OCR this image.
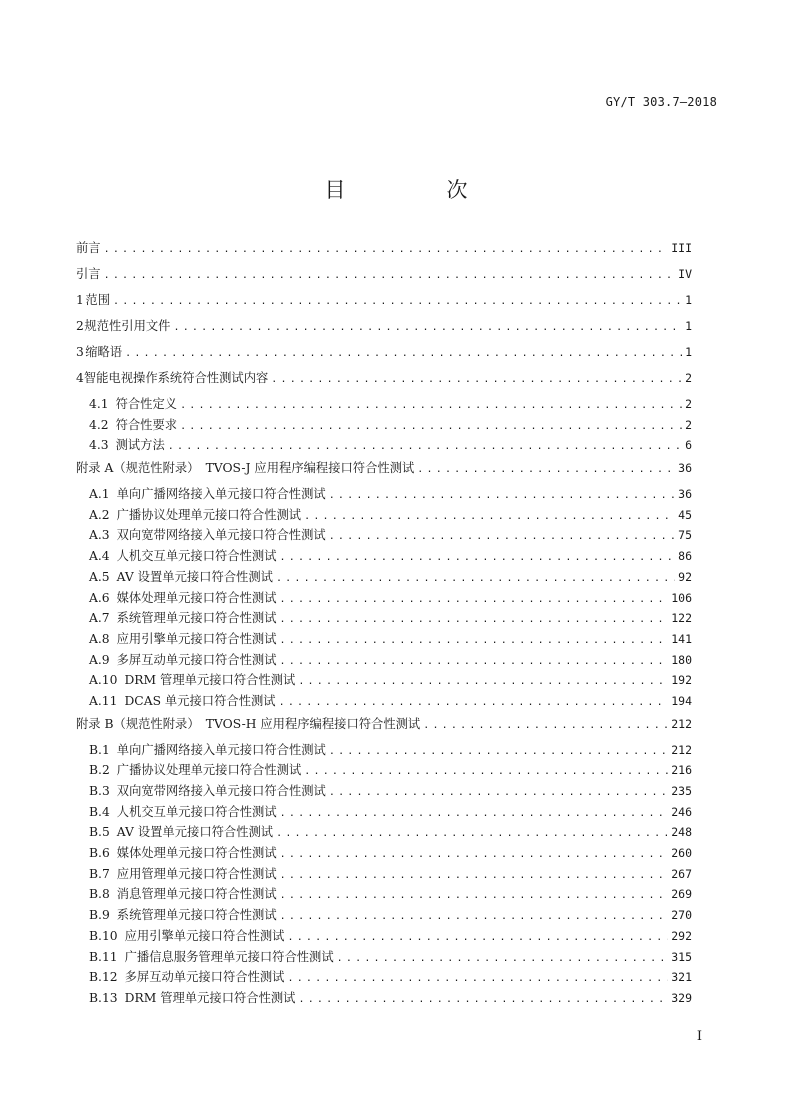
GY/T 303.7—2018
目　次
前言 .....	III
引言 .....	IV
1 范围 .....	1
2 规范性引用文件 .....	1
3 缩略语 .....	1
4 智能电视操作系统符合性测试内容 .....	2
4.1 符合性定义 .....	2
4.2 符合性要求 .....	2
4.3 测试方法 .....	6
附录 A（规范性附录）　TVOS-J 应用程序编程接口符合性测试 .....	36
A.1 单向广播网络接入单元接口符合性测试 .....	36
A.2 广播协议处理单元接口符合性测试 .....	45
A.3 双向宽带网络接入单元接口符合性测试 .....	75
A.4 人机交互单元接口符合性测试 .....	86
A.5 AV 设置单元接口符合性测试 .....	92
A.6 媒体处理单元接口符合性测试 .....	106
A.7 系统管理单元接口符合性测试 .....	122
A.8 应用引擎单元接口符合性测试 .....	141
A.9 多屏互动单元接口符合性测试 .....	180
A.10 DRM 管理单元接口符合性测试 .....	192
A.11 DCAS 单元接口符合性测试 .....	194
附录 B（规范性附录）　TVOS-H 应用程序编程接口符合性测试 .....	212
B.1 单向广播网络接入单元接口符合性测试 .....	212
B.2 广播协议处理单元接口符合性测试 .....	216
B.3 双向宽带网络接入单元接口符合性测试 .....	235
B.4 人机交互单元接口符合性测试 .....	246
B.5 AV 设置单元接口符合性测试 .....	248
B.6 媒体处理单元接口符合性测试 .....	260
B.7 应用管理单元接口符合性测试 .....	267
B.8 消息管理单元接口符合性测试 .....	269
B.9 系统管理单元接口符合性测试 .....	270
B.10 应用引擎单元接口符合性测试 .....	292
B.11 广播信息服务管理单元接口符合性测试 .....	315
B.12 多屏互动单元接口符合性测试 .....	321
B.13 DRM 管理单元接口符合性测试 .....	329
I
